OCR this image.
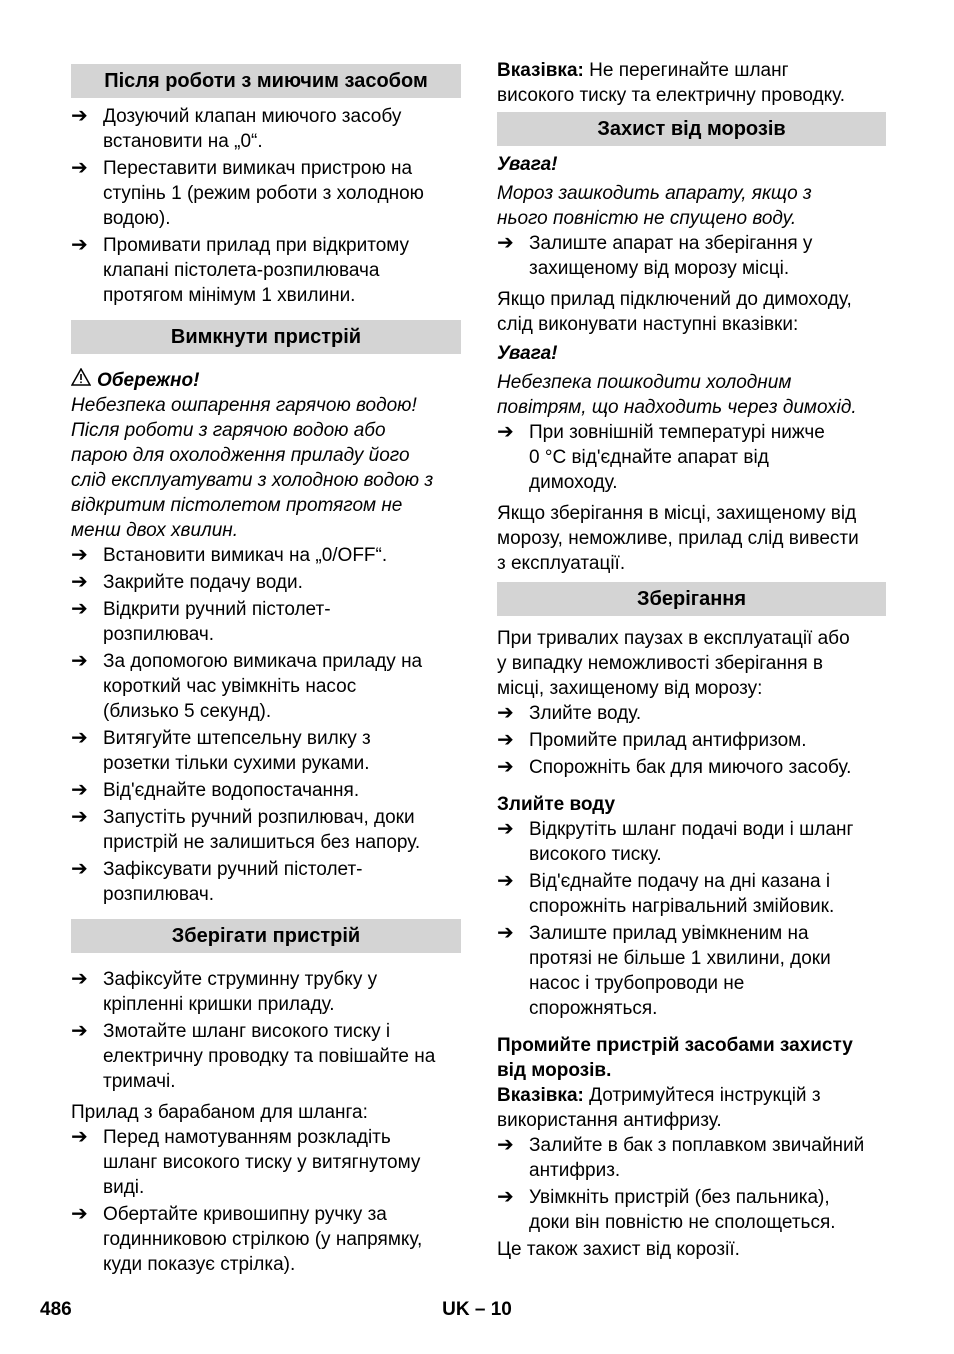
Після роботи з миючим засобом
➔ Дозуючий клапан миючого засобу
встановити на „0“.
➔ Переставити вимикач пристрою на
ступінь 1 (режим роботи з холодною
водою).
➔ Промивати прилад при відкритому
клапані пістолета-розпилювача
протягом мінімум 1 хвилини.
Вимкнути пристрій
Обережно!
Небезпека ошпарення гарячою водою!
Після роботи з гарячою водою або
парою для охолодження приладу його
слід експлуатувати з холодною водою з
відкритим пістолетом протягом не
менш двох хвилин.
➔ Встановити вимикач на „0/OFF“.
➔ Закрийте подачу води.
➔ Відкрити ручний пістолет-
розпилювач.
➔ За допомогою вимикача приладу на
короткий час увімкніть насос
(близько 5 секунд).
➔ Витягуйте штепсельну вилку з
розетки тільки сухими руками.
➔ Від'єднайте водопостачання.
➔ Запустіть ручний розпилювач, доки
пристрій не залишиться без напору.
➔ Зафіксувати ручний пістолет-
розпилювач.
Зберігати пристрій
➔ Зафіксуйте струминну трубку у
кріпленні кришки приладу.
➔ Змотайте шланг високого тиску і
електричну проводку та повішайте на
тримачі.
Прилад з барабаном для шланга:
➔ Перед намотуванням розкладіть
шланг високого тиску у витягнутому
виді.
➔ Обертайте кривошипну ручку за
годинниковою стрілкою (у напрямку,
куди показує стрілка).
Вказівка: Не перегинайте шланг
високого тиску та електричну проводку.
Захист від морозів
Увага!
Мороз зашкодить апарату, якщо з
нього повністю не спущено воду.
➔ Залиште апарат на зберігання у
захищеному від морозу місці.
Якщо прилад підключений до димоходу,
слід виконувати наступні вказівки:
Увага!
Небезпека пошкодити холодним
повітрям, що надходить через димохід.
➔ При зовнішній температурі нижче
0 °C від'єднайте апарат від
димоходу.
Якщо зберігання в місці, захищеному від
морозу, неможливе, прилад слід вивести
з експлуатації.
Зберігання
При тривалих паузах в експлуатації або
у випадку неможливості зберігання в
місці, захищеному від морозу:
➔ Злийте воду.
➔ Промийте прилад антифризом.
➔ Спорожніть бак для миючого засобу.
Злийте воду
➔ Відкрутіть шланг подачі води і шланг
високого тиску.
➔ Від'єднайте подачу на дні казана і
спорожніть нагрівальний змійовик.
➔ Залиште прилад увімкненим на
протязі не більше 1 хвилини, доки
насос і трубопроводи не
спорожняться.
Промийте пристрій засобами захисту
від морозів.
Вказівка: Дотримуйтеся інструкцій з
використання антифризу.
➔ Залийте в бак з поплавком звичайний
антифриз.
➔ Увімкніть пристрій (без пальника),
доки він повністю не сполощеться.
Це також захист від корозії.
486	UK – 10
